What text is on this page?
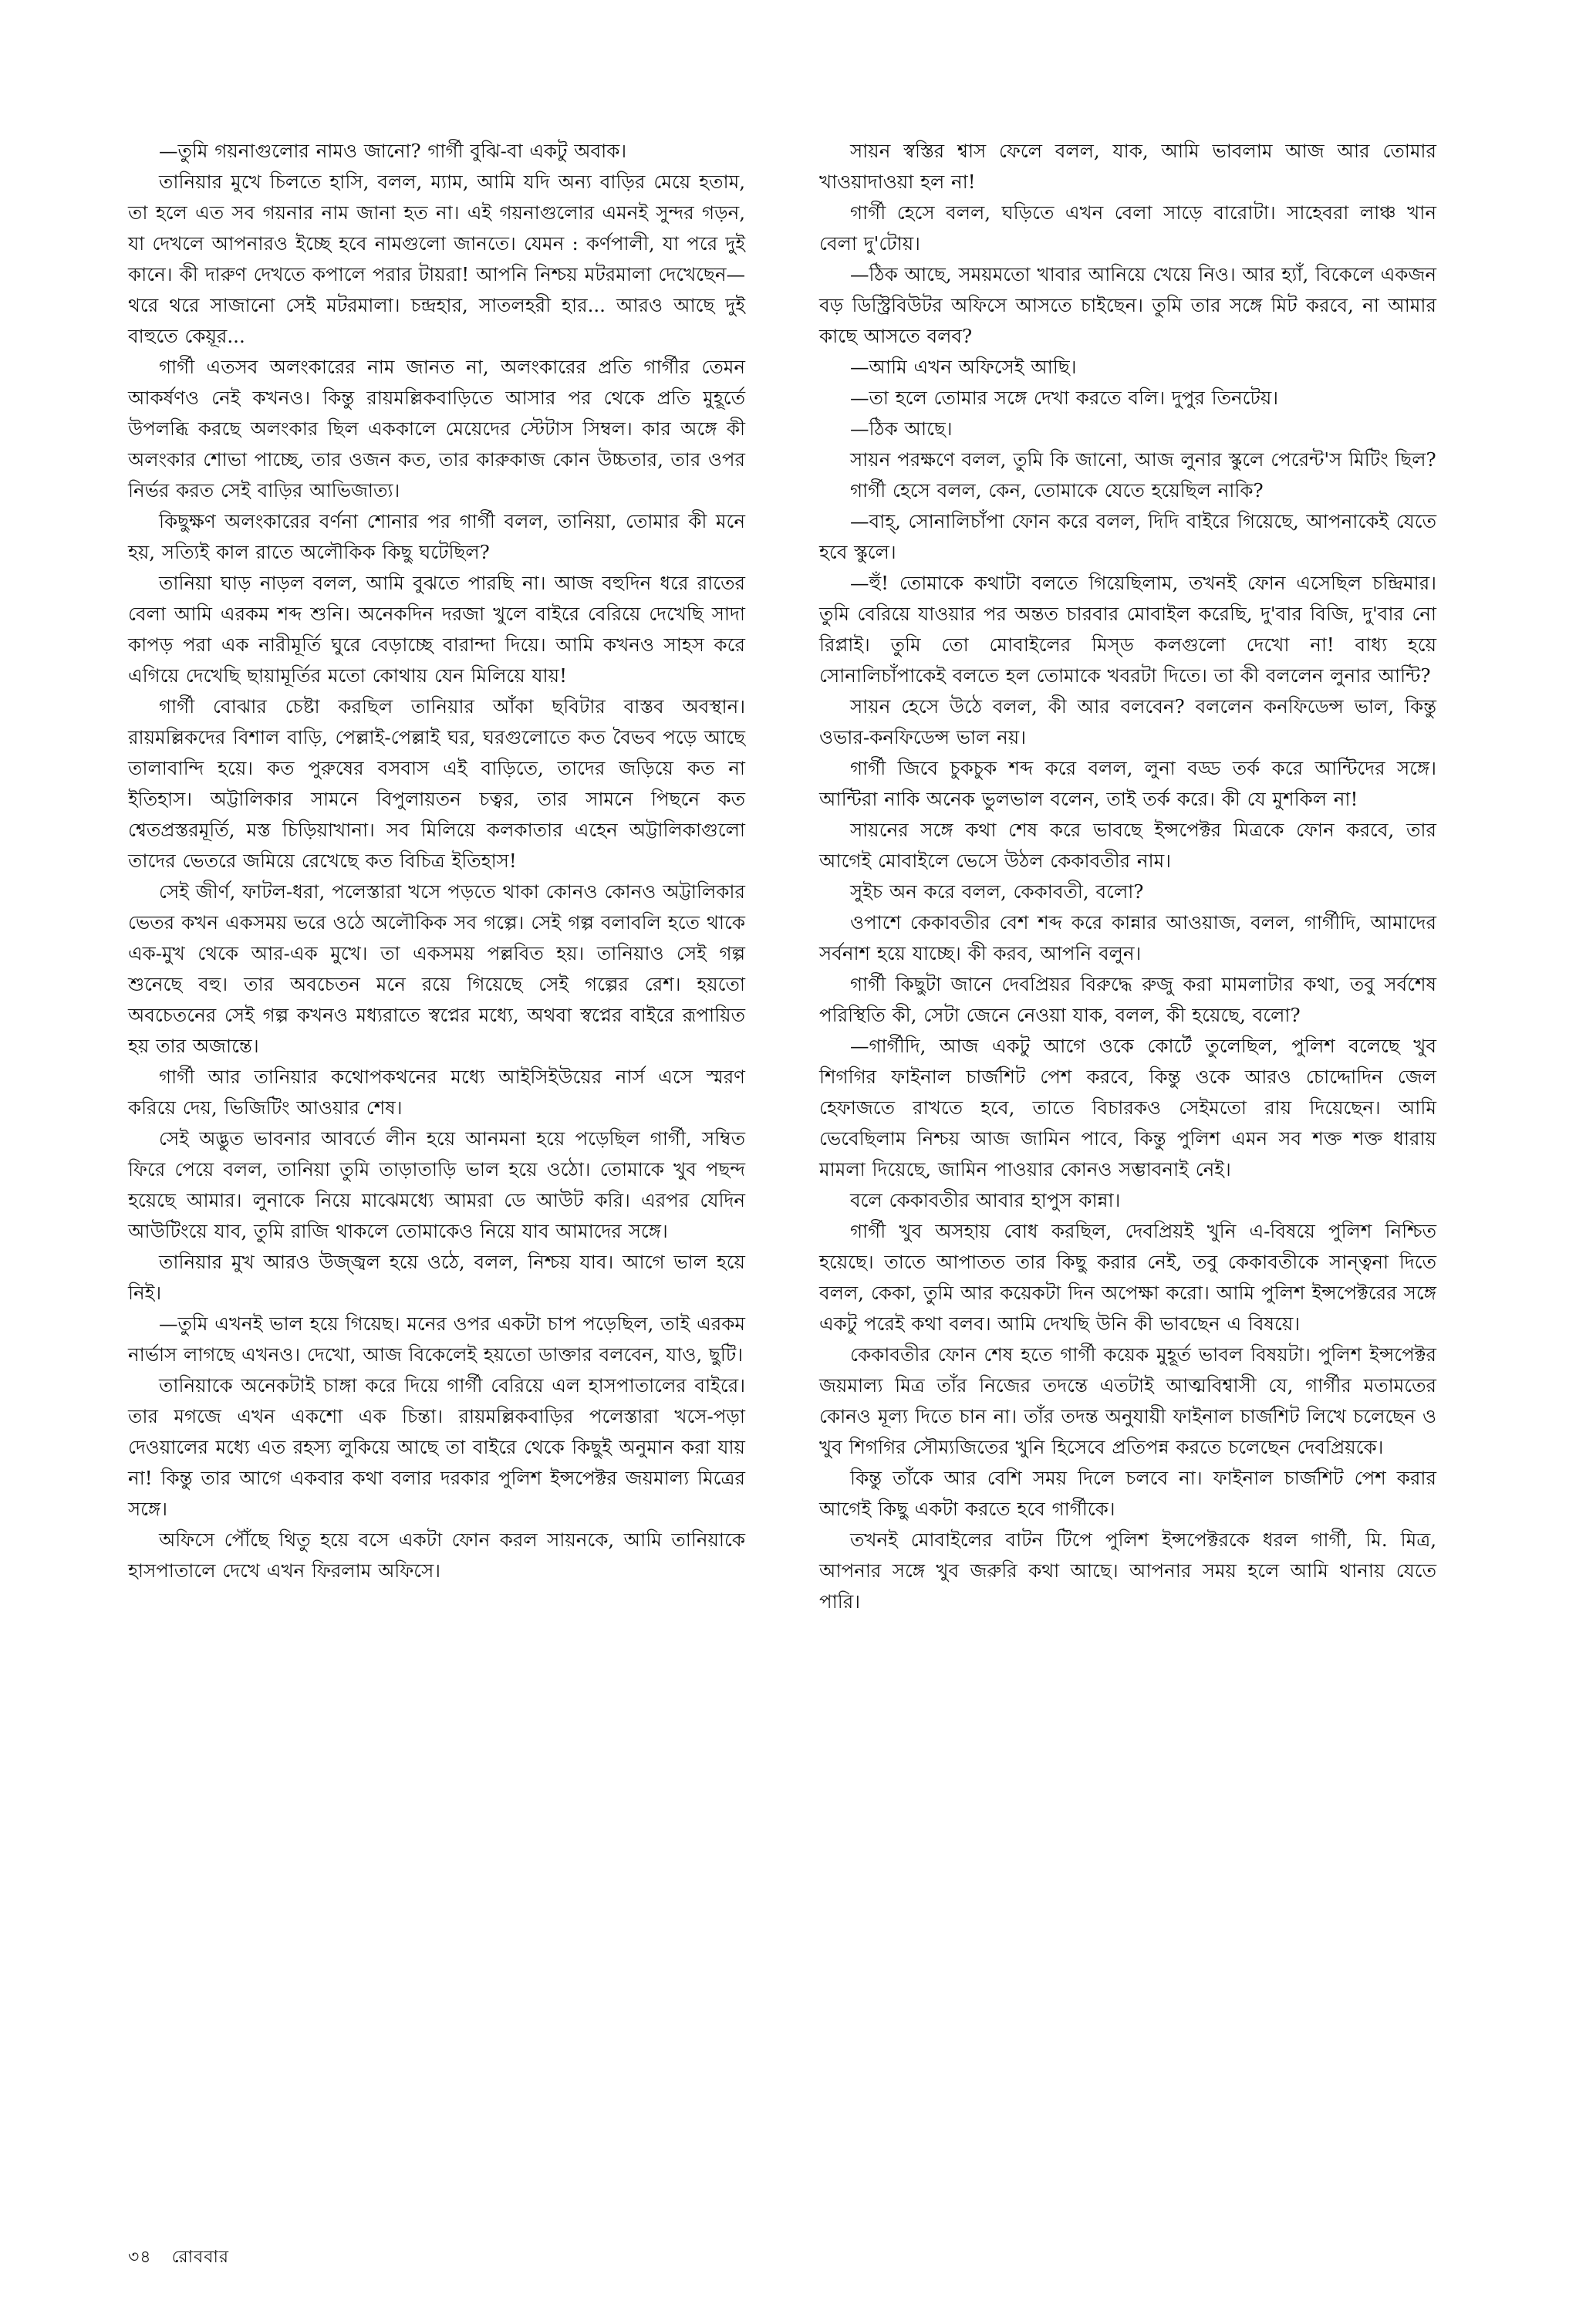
—তুমি গয়নাগুলোর নামও জানো? গার্গী বুঝি-বা একটু অবাক।

তানিয়ার মুখে চিলতে হাসি, বলল, ম্যাম, আমি যদি অন্য বাড়ির মেয়ে হতাম, তা হলে এত সব গয়নার নাম জানা হত না। এই গয়নাগুলোর এমনই সুন্দর গড়ন, যা দেখলে আপনারও ইচ্ছে হবে নামগুলো জানতে। যেমন : কর্ণপালী, যা পরে দুই কানে। কী দারুণ দেখতে কপালে পরার টায়রা! আপনি নিশ্চয় মটরমালা দেখেছেন—থরে থরে সাজানো সেই মটরমালা। চন্দ্রহার, সাতলহরী হার... আরও আছে দুই বাহুতে কেয়ূর...

গার্গী এতসব অলংকারের নাম জানত না, অলংকারের প্রতি গার্গীর তেমন আকর্ষণও নেই কখনও। কিন্তু রায়মল্লিকবাড়িতে আসার পর থেকে প্রতি মুহূর্তে উপলব্ধি করছে অলংকার ছিল এককালে মেয়েদের স্টেটাস সিম্বল। কার অঙ্গে কী অলংকার শোভা পাচ্ছে, তার ওজন কত, তার কারুকাজ কোন উচ্চতার, তার ওপর নির্ভর করত সেই বাড়ির আভিজাত্য।

কিছুক্ষণ অলংকারের বর্ণনা শোনার পর গার্গী বলল, তানিয়া, তোমার কী মনে হয়, সত্যিই কাল রাতে অলৌকিক কিছু ঘটেছিল?

তানিয়া ঘাড় নাড়ল বলল, আমি বুঝতে পারছি না। আজ বহুদিন ধরে রাতের বেলা আমি এরকম শব্দ শুনি। অনেকদিন দরজা খুলে বাইরে বেরিয়ে দেখেছি সাদা কাপড় পরা এক নারীমূর্তি ঘুরে বেড়াচ্ছে বারান্দা দিয়ে। আমি কখনও সাহস করে এগিয়ে দেখেছি ছায়ামূর্তির মতো কোথায় যেন মিলিয়ে যায়!

গার্গী বোঝার চেষ্টা করছিল তানিয়ার আঁকা ছবিটার বাস্তব অবস্থান। রায়মল্লিকদের বিশাল বাড়ি, পেল্লাই-পেল্লাই ঘর, ঘরগুলোতে কত বৈভব পড়ে আছে তালাবান্দি হয়ে। কত পুরুষের বসবাস এই বাড়িতে, তাদের জড়িয়ে কত না ইতিহাস। অট্টালিকার সামনে বিপুলায়তন চত্বর, তার সামনে পিছনে কত শ্বেতপ্রস্তরমূর্তি, মস্ত চিড়িয়াখানা। সব মিলিয়ে কলকাতার এহেন অট্টালিকাগুলো তাদের ভেতরে জমিয়ে রেখেছে কত বিচিত্র ইতিহাস!

সেই জীর্ণ, ফাটল-ধরা, পলেস্তারা খসে পড়তে থাকা কোনও কোনও অট্টালিকার ভেতর কখন একসময় ভরে ওঠে অলৌকিক সব গল্পে। সেই গল্প বলাবলি হতে থাকে এক-মুখ থেকে আর-এক মুখে। তা একসময় পল্লবিত হয়। তানিয়াও সেই গল্প শুনেছে বহু। তার অবচেতন মনে রয়ে গিয়েছে সেই গল্পের রেশ। হয়তো অবচেতনের সেই গল্প কখনও মধ্যরাতে স্বপ্নের মধ্যে, অথবা স্বপ্নের বাইরে রূপায়িত হয় তার অজান্তে।

গার্গী আর তানিয়ার কথোপকথনের মধ্যে আইসিইউয়ের নার্স এসে স্মরণ করিয়ে দেয়, ভিজিটিং আওয়ার শেষ।

সেই অদ্ভুত ভাবনার আবর্তে লীন হয়ে আনমনা হয়ে পড়েছিল গার্গী, সম্বিত ফিরে পেয়ে বলল, তানিয়া তুমি তাড়াতাড়ি ভাল হয়ে ওঠো। তোমাকে খুব পছন্দ হয়েছে আমার। লুনাকে নিয়ে মাঝেমধ্যে আমরা ডে আউট করি। এরপর যেদিন আউটিংয়ে যাব, তুমি রাজি থাকলে তোমাকেও নিয়ে যাব আমাদের সঙ্গে।

তানিয়ার মুখ আরও উজ্জ্বল হয়ে ওঠে, বলল, নিশ্চয় যাব। আগে ভাল হয়ে নিই।

—তুমি এখনই ভাল হয়ে গিয়েছ। মনের ওপর একটা চাপ পড়েছিল, তাই এরকম নার্ভাস লাগছে এখনও। দেখো, আজ বিকেলেই হয়তো ডাক্তার বলবেন, যাও, ছুটি।

তানিয়াকে অনেকটাই চাঙ্গা করে দিয়ে গার্গী বেরিয়ে এল হাসপাতালের বাইরে। তার মগজে এখন একশো এক চিন্তা। রায়মল্লিকবাড়ির পলেস্তারা খসে-পড়া দেওয়ালের মধ্যে এত রহস্য লুকিয়ে আছে তা বাইরে থেকে কিছুই অনুমান করা যায় না! কিন্তু তার আগে একবার কথা বলার দরকার পুলিশ ইন্সপেক্টর জয়মাল্য মিত্রের সঙ্গে।

অফিসে পৌঁছে থিতু হয়ে বসে একটা ফোন করল সায়নকে, আমি তানিয়াকে হাসপাতালে দেখে এখন ফিরলাম অফিসে।

সায়ন স্বস্তির শ্বাস ফেলে বলল, যাক, আমি ভাবলাম আজ আর তোমার খাওয়াদাওয়া হল না!

গার্গী হেসে বলল, ঘড়িতে এখন বেলা সাড়ে বারোটা। সাহেবরা লাঞ্চ খান বেলা দু'টোয়।

—ঠিক আছে, সময়মতো খাবার আনিয়ে খেয়ে নিও। আর হ্যাঁ, বিকেলে একজন বড় ডিস্ট্রিবিউটর অফিসে আসতে চাইছেন। তুমি তার সঙ্গে মিট করবে, না আমার কাছে আসতে বলব?

—আমি এখন অফিসেই আছি।

—তা হলে তোমার সঙ্গে দেখা করতে বলি। দুপুর তিনটেয়।

—ঠিক আছে।

সায়ন পরক্ষণে বলল, তুমি কি জানো, আজ লুনার স্কুলে পেরেন্ট'স মিটিং ছিল?

গার্গী হেসে বলল, কেন, তোমাকে যেতে হয়েছিল নাকি?

—বাহ্, সোনালিচাঁপা ফোন করে বলল, দিদি বাইরে গিয়েছে, আপনাকেই যেতে হবে স্কুলে।

—হুঁ! তোমাকে কথাটা বলতে গিয়েছিলাম, তখনই ফোন এসেছিল চন্দ্রিমার। তুমি বেরিয়ে যাওয়ার পর অন্তত চারবার মোবাইল করেছি, দু'বার বিজি, দু'বার নো রিপ্লাই। তুমি তো মোবাইলের মিস্‌ড কলগুলো দেখো না! বাধ্য হয়ে সোনালিচাঁপাকেই বলতে হল তোমাকে খবরটা দিতে। তা কী বললেন লুনার আন্টি?

সায়ন হেসে উঠে বলল, কী আর বলবেন? বললেন কনফিডেন্স ভাল, কিন্তু ওভার-কনফিডেন্স ভাল নয়।

গার্গী জিবে চুকচুক শব্দ করে বলল, লুনা বড্ড তর্ক করে আন্টিদের সঙ্গে। আন্টিরা নাকি অনেক ভুলভাল বলেন, তাই তর্ক করে। কী যে মুশকিল না!

সায়নের সঙ্গে কথা শেষ করে ভাবছে ইন্সপেক্টর মিত্রকে ফোন করবে, তার আগেই মোবাইলে ভেসে উঠল কেকাবতীর নাম।

সুইচ অন করে বলল, কেকাবতী, বলো?

ওপাশে কেকাবতীর বেশ শব্দ করে কান্নার আওয়াজ, বলল, গার্গীদি, আমাদের সর্বনাশ হয়ে যাচ্ছে। কী করব, আপনি বলুন।

গার্গী কিছুটা জানে দেবপ্রিয়র বিরুদ্ধে রুজু করা মামলাটার কথা, তবু সর্বশেষ পরিস্থিতি কী, সেটা জেনে নেওয়া যাক, বলল, কী হয়েছে, বলো?

—গার্গীদি, আজ একটু আগে ওকে কোর্টে তুলেছিল, পুলিশ বলেছে খুব শিগগির ফাইনাল চার্জশিট পেশ করবে, কিন্তু ওকে আরও চোদ্দোদিন জেল হেফাজতে রাখতে হবে, তাতে বিচারকও সেইমতো রায় দিয়েছেন। আমি ভেবেছিলাম নিশ্চয় আজ জামিন পাবে, কিন্তু পুলিশ এমন সব শক্ত শক্ত ধারায় মামলা দিয়েছে, জামিন পাওয়ার কোনও সম্ভাবনাই নেই।

বলে কেকাবতীর আবার হাপুস কান্না।

গার্গী খুব অসহায় বোধ করছিল, দেবপ্রিয়ই খুনি এ-বিষয়ে পুলিশ নিশ্চিত হয়েছে। তাতে আপাতত তার কিছু করার নেই, তবু কেকাবতীকে সান্ত্বনা দিতে বলল, কেকা, তুমি আর কয়েকটা দিন অপেক্ষা করো। আমি পুলিশ ইন্সপেক্টরের সঙ্গে একটু পরেই কথা বলব। আমি দেখছি উনি কী ভাবছেন এ বিষয়ে।

কেকাবতীর ফোন শেষ হতে গার্গী কয়েক মুহূর্ত ভাবল বিষয়টা। পুলিশ ইন্সপেক্টর জয়মাল্য মিত্র তাঁর নিজের তদন্তে এতটাই আত্মবিশ্বাসী যে, গার্গীর মতামতের কোনও মূল্য দিতে চান না। তাঁর তদন্ত অনুযায়ী ফাইনাল চার্জশিট লিখে চলেছেন ও খুব শিগগির সৌম্যজিতের খুনি হিসেবে প্রতিপন্ন করতে চলেছেন দেবপ্রিয়কে।

কিন্তু তাঁকে আর বেশি সময় দিলে চলবে না। ফাইনাল চার্জশিট পেশ করার আগেই কিছু একটা করতে হবে গার্গীকে।

তখনই মোবাইলের বাটন টিপে পুলিশ ইন্সপেক্টরকে ধরল গার্গী, মি. মিত্র, আপনার সঙ্গে খুব জরুরি কথা আছে। আপনার সময় হলে আমি থানায় যেতে পারি।

৩৪ রোববার
